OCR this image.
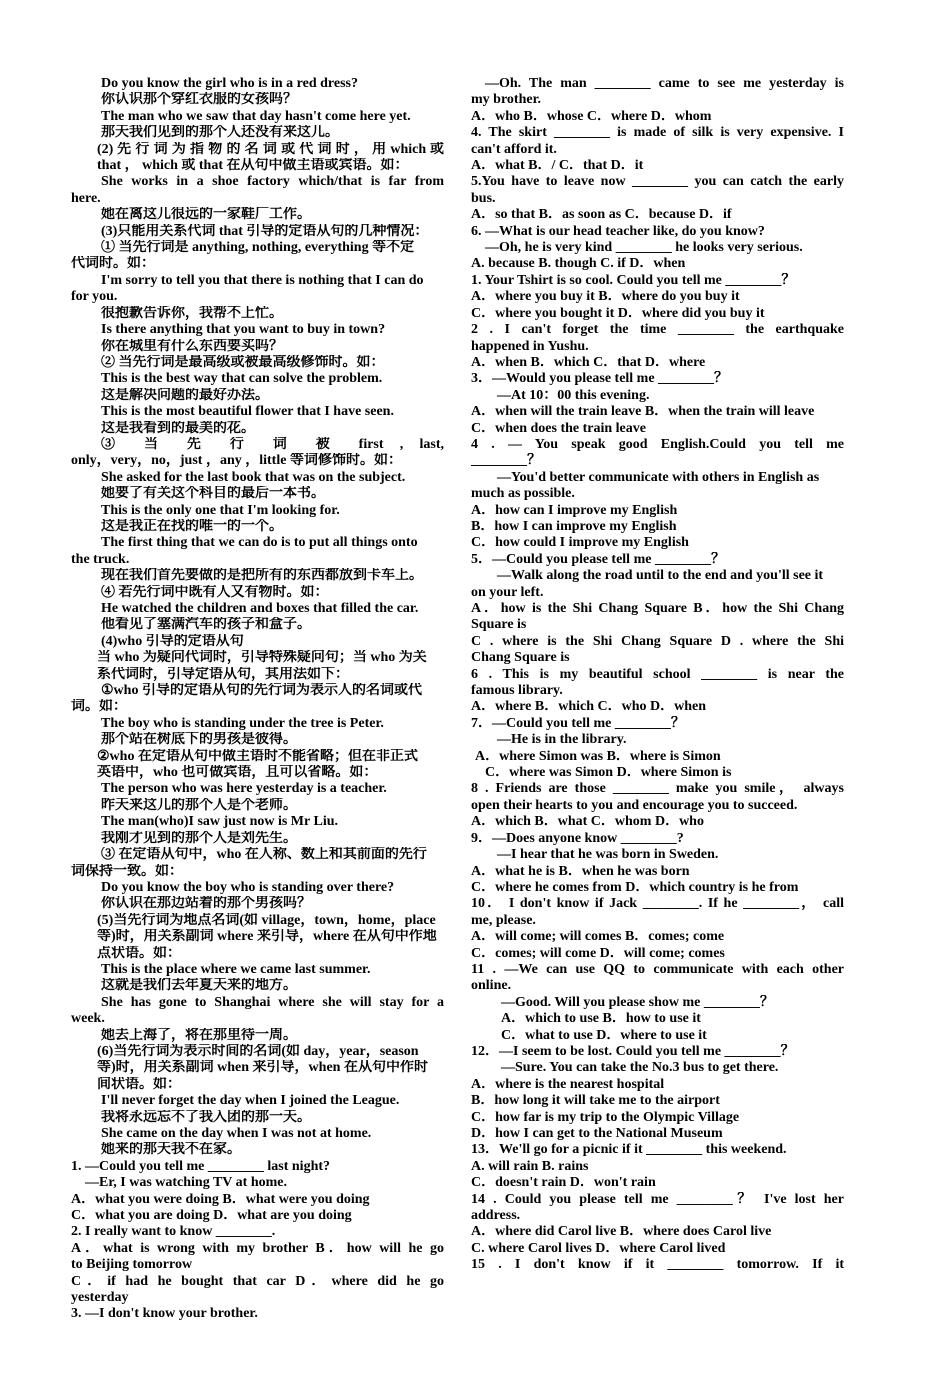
Do you know the girl who is in a red dress?
你认识那个穿红衣服的女孩吗？
The man who we saw that day hasn't come here yet.
那天我们见到的那个人还没有来这儿。
(2) 先 行 词 为 指 物 的 名 词 或 代 词 时 ， 用 which 或
that ， which 或 that 在从句中做主语或宾语。如：
She works in a shoe factory which/that is far from
here.
她在离这儿很远的一家鞋厂工作。
(3)只能用关系代词 that 引导的定语从句的几种情况：
① 当先行词是 anything, nothing, everything 等不定
代词时。如：
I'm sorry to tell you that there is nothing that I can do
for you.
很抱歉告诉你，我帮不上忙。
Is there anything that you want to buy in town?
你在城里有什么东西要买吗？
② 当先行词是最高级或被最高级修饰时。如：
This is the best way that can solve the problem.
这是解决问题的最好办法。
This is the most beautiful flower that I have seen.
这是我看到的最美的花。
③ 当 先 行 词 被 first , last,
only，very，no，just ，any ，little 等词修饰时。如：
She asked for the last book that was on the subject.
她要了有关这个科目的最后一本书。
This is the only one that I'm looking for.
这是我正在找的唯一的一个。
The first thing that we can do is to put all things onto
the truck.
现在我们首先要做的是把所有的东西都放到卡车上。
④ 若先行词中既有人又有物时。如：
He watched the children and boxes that filled the car.
他看见了塞满汽车的孩子和盒子。
(4)who 引导的定语从句
当 who 为疑问代词时，引导特殊疑问句；当 who 为关
系代词时，引导定语从句，其用法如下：
①who 引导的定语从句的先行词为表示人的名词或代
词。如：
The boy who is standing under the tree is Peter.
那个站在树底下的男孩是彼得。
②who 在定语从句中做主语时不能省略；但在非正式
英语中，who 也可做宾语，且可以省略。如：
The person who was here yesterday is a teacher.
昨天来这儿的那个人是个老师。
The man(who)I saw just now is Mr Liu.
我刚才见到的那个人是刘先生。
③ 在定语从句中，who 在人称、数上和其前面的先行
词保持一致。如：
Do you know the boy who is standing over there?
你认识在那边站着的那个男孩吗？
(5)当先行词为地点名词(如 village，town，home，place
等)时，用关系副词 where 来引导，where 在从句中作地
点状语。如：
This is the place where we came last summer.
这就是我们去年夏天来的地方。
She has gone to Shanghai where she will stay for a
week.
她去上海了，将在那里待一周。
(6)当先行词为表示时间的名词(如 day，year，season
等)时，用关系副词 when 来引导，when 在从句中作时
间状语。如：
I'll never forget the day when I joined the League.
我将永远忘不了我入团的那一天。
She came on the day when I was not at home.
她来的那天我不在家。
1. —Could you tell me ________ last night?
—Er, I was watching TV at home.
A．what you were doing B．what were you doing
C．what you are doing D．what are you doing
2. I really want to know ________.
A．what is wrong with my brother B．how will he go
to Beijing tomorrow
C．if had he bought that car D．where did he go
yesterday
3. —I don't know your brother.
—Oh. The man ________ came to see me yesterday is
my brother.
A．who B．whose C．where D．whom
4. The skirt ________ is made of silk is very expensive. I
can't afford it.
A．what B．/ C．that D．it
5.You have to leave now ________ you can catch the early
bus.
A．so that B．as soon as C．because D．if
6. —What is our head teacher like, do you know?
—Oh, he is very kind ________ he looks very serious.
A. because B. though C. if D．when
1. Your Tshirt is so cool. Could you tell me ________？
A．where you buy it B．where do you buy it
C．where you bought it D．where did you buy it
2 . I can't forget the time ________ the earthquake
happened in Yushu.
A．when B．which C．that D．where
3．—Would you please tell me ________？
—At 10：00 this evening.
A．when will the train leave B．when the train will leave
C．when does the train leave
4 . — You speak good English.Could you tell me
________？
—You'd better communicate with others in English as
much as possible.
A．how can I improve my English
B．how I can improve my English
C．how could I improve my English
5．—Could you please tell me ________？
—Walk along the road until to the end and you'll see it
on your left.
A．how is the Shi Chang Square B．how the Shi Chang
Square is
C . where is the Shi Chang Square D . where the Shi
Chang Square is
6 . This is my beautiful school ________ is near the
famous library.
A．where B．which C．who D．when
7．—Could you tell me ________？
—He is in the library.
A．where Simon was B．where is Simon
C．where was Simon D．where Simon is
8 . Friends are those ________ make you smile， always
open their hearts to you and encourage you to succeed.
A．which B．what C．whom D．who
9．—Does anyone know ________?
—I hear that he was born in Sweden.
A．what he is B．when he was born
C．where he comes from D．which country is he from
10． I don't know if Jack ________. If he ________， call
me, please.
A．will come; will comes B．comes; come
C．comes; will come D．will come; comes
11 . —We can use QQ to communicate with each other
online.
—Good. Will you please show me ________？
A．which to use B．how to use it
C．what to use D．where to use it
12．—I seem to be lost. Could you tell me ________？
—Sure. You can take the No.3 bus to get there.
A．where is the nearest hospital
B．how long it will take me to the airport
C．how far is my trip to the Olympic Village
D．how I can get to the National Museum
13．We'll go for a picnic if it ________ this weekend.
A. will rain B. rains
C．doesn't rain D．won't rain
14 . Could you please tell me ________？ I've lost her
address.
A．where did Carol live B．where does Carol live
C. where Carol lives D．where Carol lived
15 . I don't know if it ________ tomorrow. If it
